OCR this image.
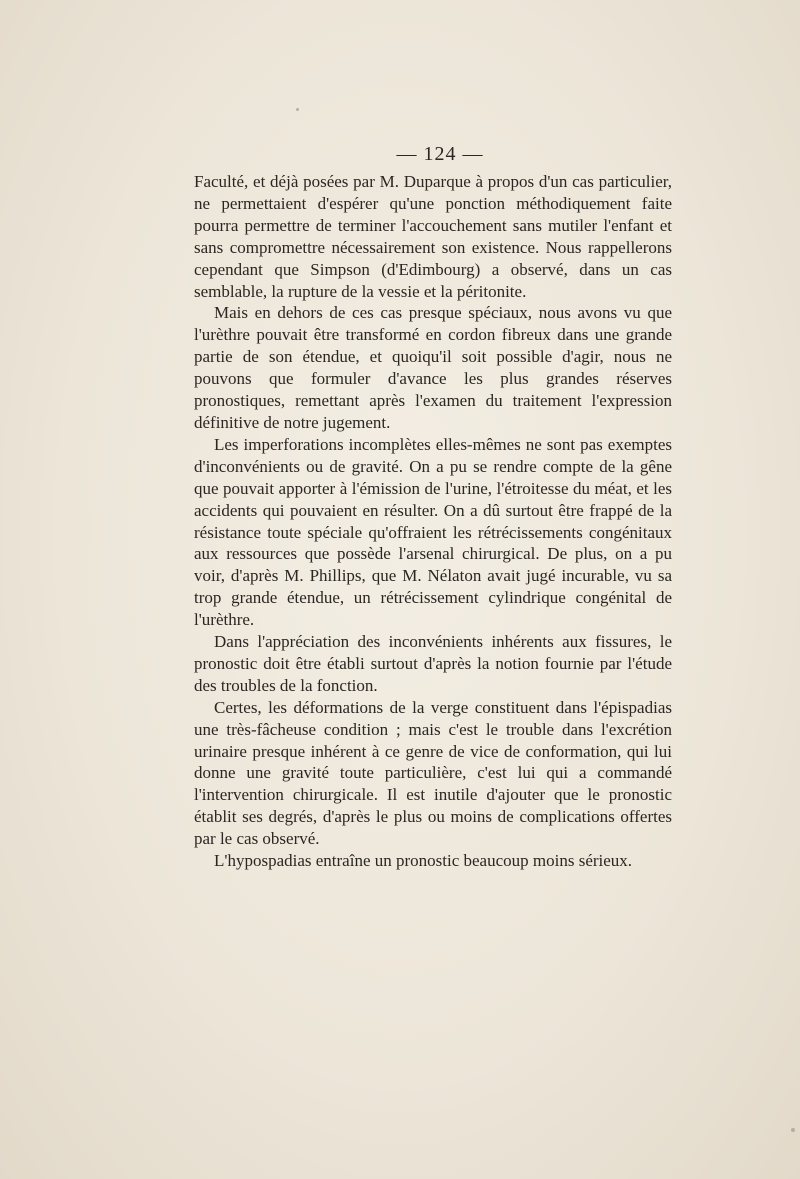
— 124 —

Faculté, et déjà posées par M. Duparque à propos d'un cas particulier, ne permettaient d'espérer qu'une ponction méthodiquement faite pourra permettre de terminer l'accouchement sans mutiler l'enfant et sans compromettre nécessairement son existence. Nous rappellerons cependant que Simpson (d'Edimbourg) a observé, dans un cas semblable, la rupture de la vessie et la péritonite.

Mais en dehors de ces cas presque spéciaux, nous avons vu que l'urèthre pouvait être transformé en cordon fibreux dans une grande partie de son étendue, et quoiqu'il soit possible d'agir, nous ne pouvons que formuler d'avance les plus grandes réserves pronostiques, remettant après l'examen du traitement l'expression définitive de notre jugement.

Les imperforations incomplètes elles-mêmes ne sont pas exemptes d'inconvénients ou de gravité. On a pu se rendre compte de la gêne que pouvait apporter à l'émission de l'urine, l'étroitesse du méat, et les accidents qui pouvaient en résulter. On a dû surtout être frappé de la résistance toute spéciale qu'offraient les rétrécissements congénitaux aux ressources que possède l'arsenal chirurgical. De plus, on a pu voir, d'après M. Phillips, que M. Nélaton avait jugé incurable, vu sa trop grande étendue, un rétrécissement cylindrique congénital de l'urèthre.

Dans l'appréciation des inconvénients inhérents aux fissures, le pronostic doit être établi surtout d'après la notion fournie par l'étude des troubles de la fonction.

Certes, les déformations de la verge constituent dans l'épispadias une très-fâcheuse condition ; mais c'est le trouble dans l'excrétion urinaire presque inhérent à ce genre de vice de conformation, qui lui donne une gravité toute particulière, c'est lui qui a commandé l'intervention chirurgicale. Il est inutile d'ajouter que le pronostic établit ses degrés, d'après le plus ou moins de complications offertes par le cas observé.

L'hypospadias entraîne un pronostic beaucoup moins sérieux.
